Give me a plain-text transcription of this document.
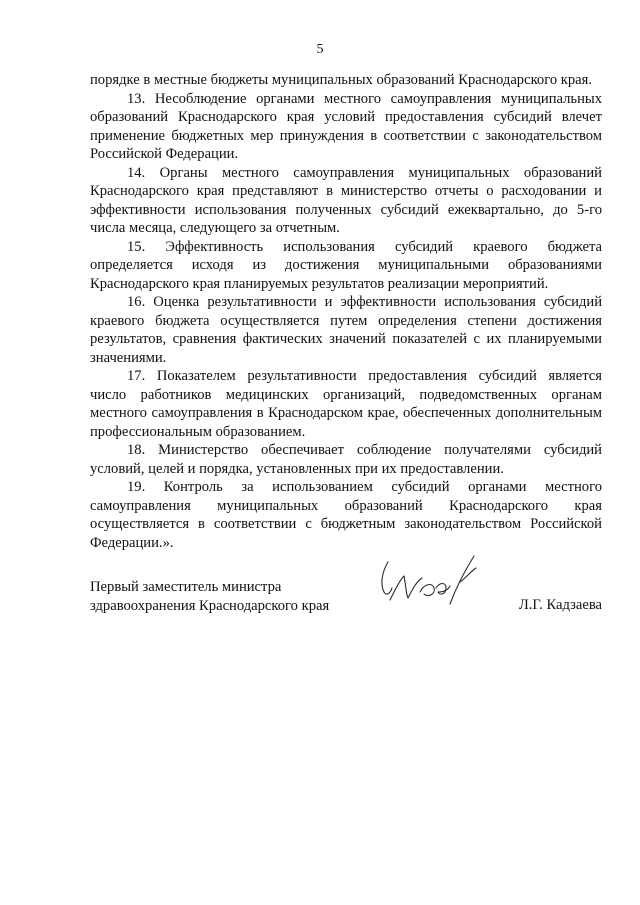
5

порядке в местные бюджеты муниципальных образований Краснодарского края.

13. Несоблюдение органами местного самоуправления муниципальных образований Краснодарского края условий предоставления субсидий влечет применение бюджетных мер принуждения в соответствии с законодательством Российской Федерации.

14. Органы местного самоуправления муниципальных образований Краснодарского края представляют в министерство отчеты о расходовании и эффективности использования полученных субсидий ежеквартально, до 5-го числа месяца, следующего за отчетным.

15. Эффективность использования субсидий краевого бюджета определяется исходя из достижения муниципальными образованиями Краснодарского края планируемых результатов реализации мероприятий.

16. Оценка результативности и эффективности использования субсидий краевого бюджета осуществляется путем определения степени достижения результатов, сравнения фактических значений показателей с их планируемыми значениями.

17. Показателем результативности предоставления субсидий является число работников медицинских организаций, подведомственных органам местного самоуправления в Краснодарском крае, обеспеченных дополнительным профессиональным образованием.

18. Министерство обеспечивает соблюдение получателями субсидий условий, целей и порядка, установленных при их предоставлении.

19. Контроль за использованием субсидий органами местного самоуправления муниципальных образований Краснодарского края осуществляется в соответствии с бюджетным законодательством Российской Федерации.».

Первый заместитель министра
здравоохранения Краснодарского края	Л.Г. Кадзаева
